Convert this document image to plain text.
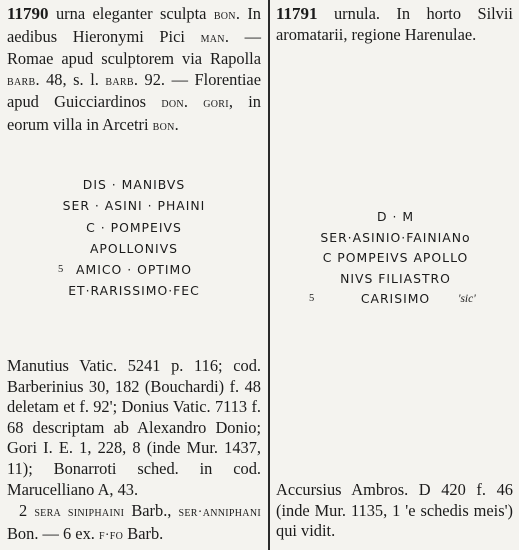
11790 urna eleganter sculpta bon. In aedibus Hieronymi Pici man. — Romae apud sculptorem via Rapolla barb. 48, s. l. barb. 92. — Florentiae apud Guicciardinos don. gori, in eorum villa in Arcetri bon.

DIS · MANIBVS
SER · ASINI · PHAINI
C · POMPEIVS
APOLLONIVS
5 AMICO · OPTIMO
ET·RARISSIMO·FEC

Manutius Vatic. 5241 p. 116; cod. Barberinius 30, 182 (Bouchardi) f. 48 deletam et f. 92'; Donius Vatic. 7113 f. 68 descriptam ab Alexandro Donio; Gori I. E. 1, 228, 8 (inde Mur. 1437, 11); Bonarroti sched. in cod. Marucelliano A, 43.

2 sera siniphaini Barb., ser·anniphani Bon. — 6 ex. f·fo Barb.

11791 urnula. In horto Silvii aromatarii, regione Harenulae.

D · M
SER·ASINIO·FAINIANo
C POMPEIVS APOLLO
NIVS FILIASTRO
5	CARISIMO 'sic'

Accursius Ambros. D 420 f. 46 (inde Mur. 1135, 1 'e schedis meis') qui vidit.
